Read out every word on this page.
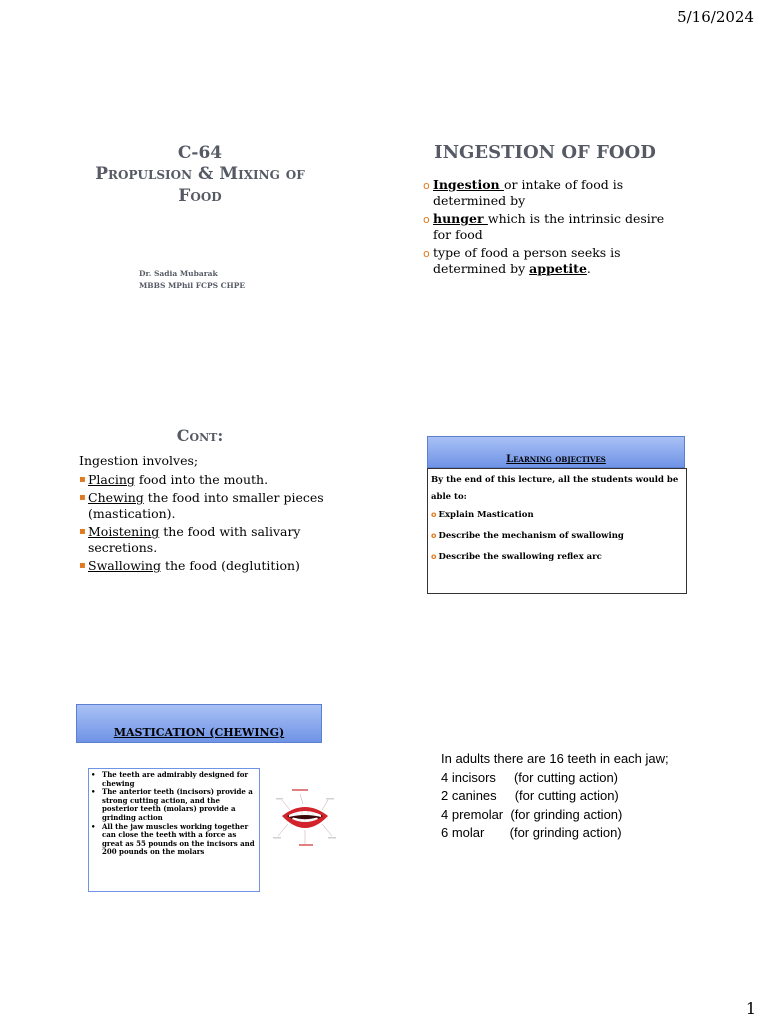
5/16/2024
C-64
Propulsion & Mixing of Food
Dr. Sadia Mubarak
MBBS MPhil FCPS CHPE
INGESTION OF FOOD
o Ingestion or intake of food is determined by
o hunger which is the intrinsic desire for food
o type of food a person seeks is determined by appetite.
Cont:
Ingestion involves;
▪ Placing food into the mouth.
▪ Chewing the food into smaller pieces (mastication).
▪ Moistening the food with salivary secretions.
▪ Swallowing the food (deglutition)
Learning objectives
By the end of this lecture, all the students would be able to:
o Explain Mastication
o Describe the mechanism of swallowing
o Describe the swallowing reflex arc
MASTICATION (CHEWING)
• The teeth are admirably designed for chewing
• The anterior teeth (incisors) provide a strong cutting action, and the posterior teeth (molars) provide a grinding action
• All the jaw muscles working together can close the teeth with a force as great as 55 pounds on the incisors and 200 pounds on the molars
In adults there are 16 teeth in each jaw;
4 incisors     (for cutting action)
2 canines     (for cutting action)
4 premolar  (for grinding action)
6 molar       (for grinding action)
1
